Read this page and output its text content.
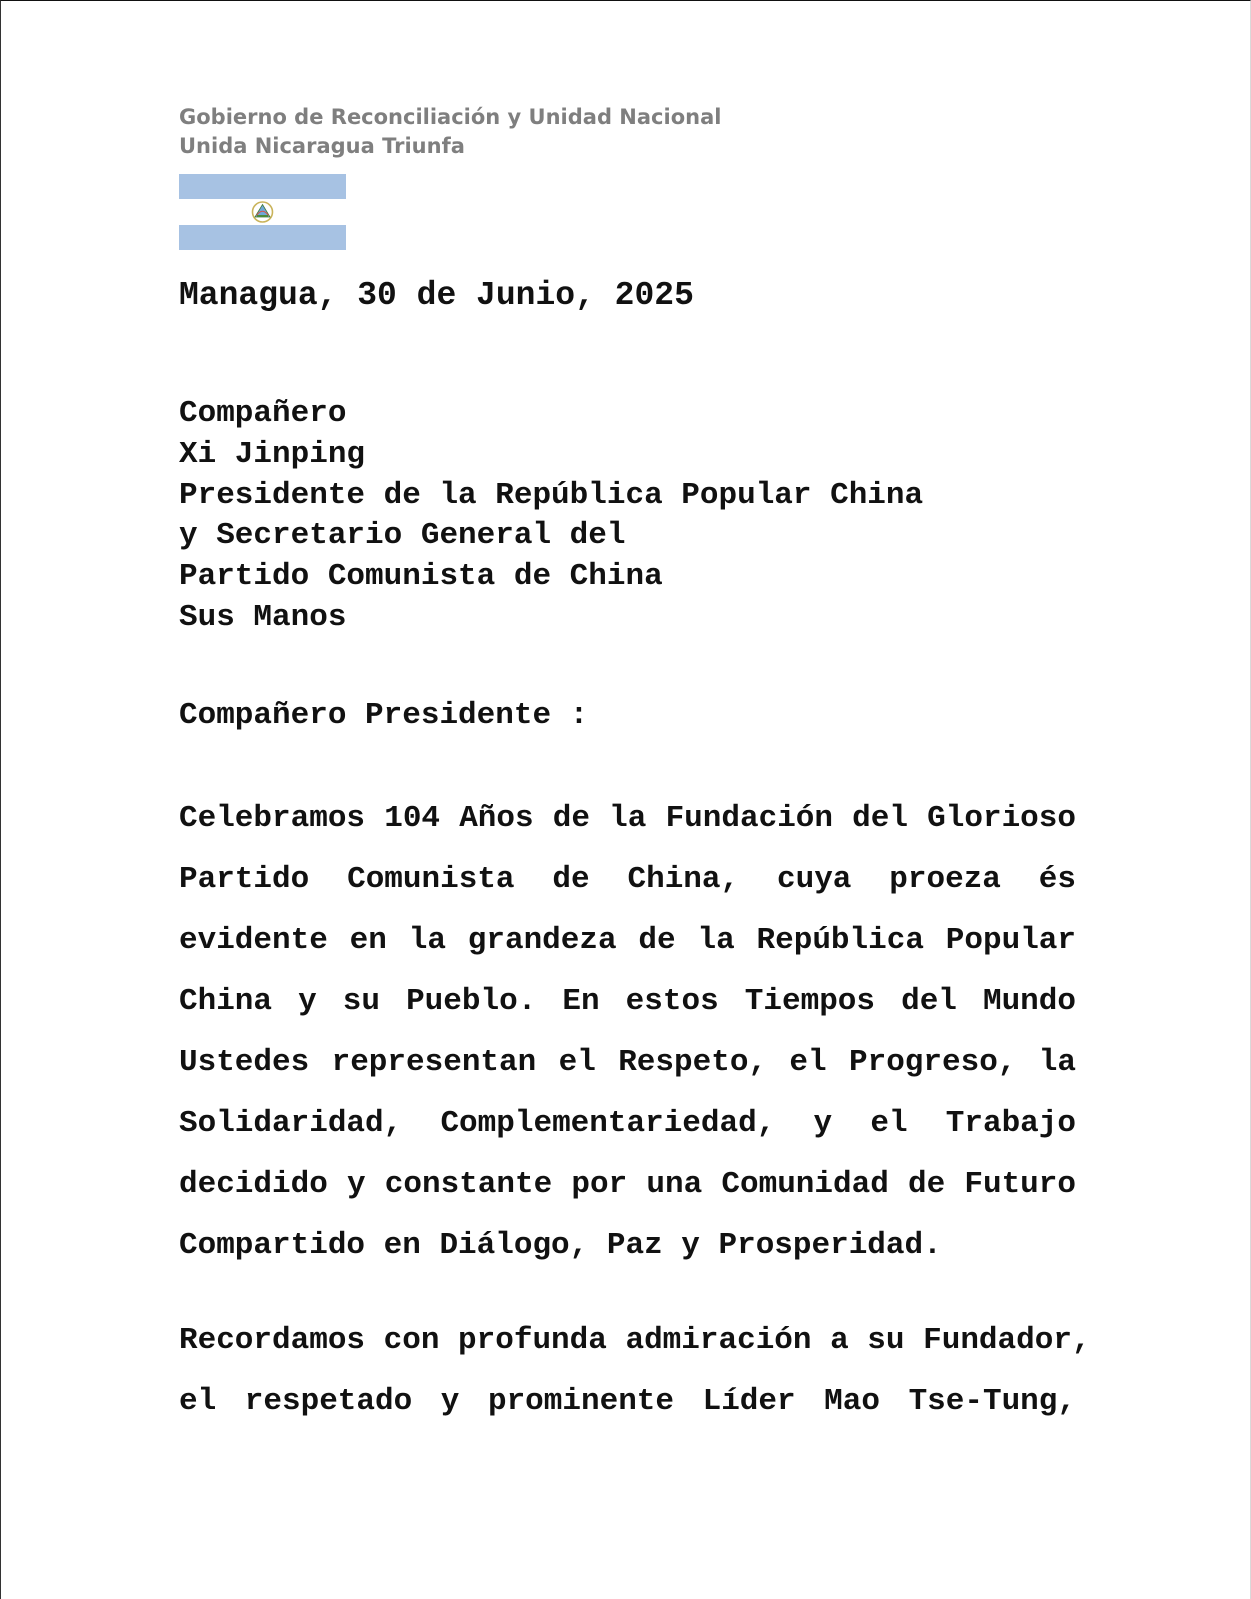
Gobierno de Reconciliación y Unidad Nacional
Unida Nicaragua Triunfa
Managua, 30 de Junio, 2025
Compañero
Xi Jinping
Presidente de la República Popular China
y Secretario General del
Partido Comunista de China
Sus Manos
Compañero Presidente :
Celebramos 104 Años de la Fundación del Glorioso
Partido Comunista de China, cuya proeza és
evidente en la grandeza de la República Popular
China y su Pueblo. En estos Tiempos del Mundo
Ustedes representan el Respeto, el Progreso, la
Solidaridad, Complementariedad, y el Trabajo
decidido y constante por una Comunidad de Futuro
Compartido en Diálogo, Paz y Prosperidad.
Recordamos con profunda admiración a su Fundador,
el respetado y prominente Líder Mao Tse-Tung,
